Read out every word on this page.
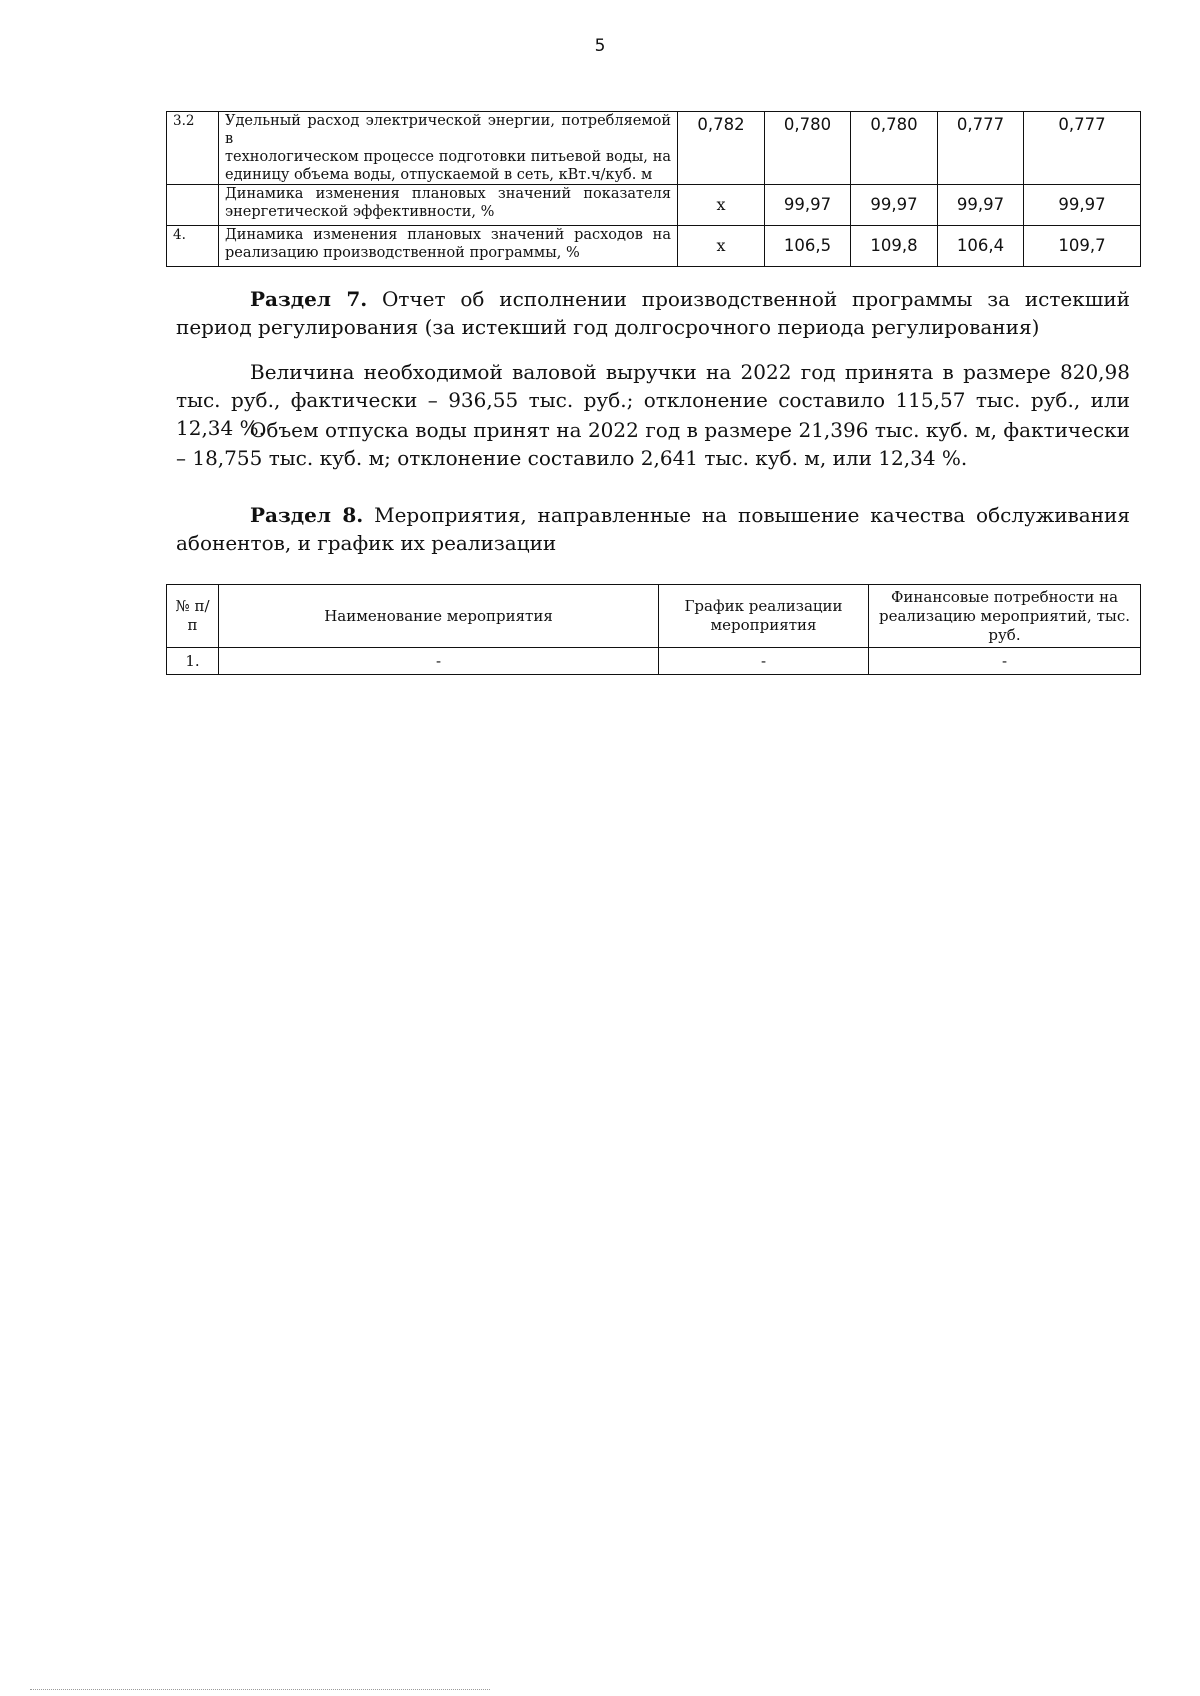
5
3.2	Удельный расход электрической энергии, потребляемой в
технологическом процессе подготовки питьевой воды, на
единицу объема воды, отпускаемой в сеть, кВт.ч/куб. м	0,782	0,780	0,780	0,777	0,777

	Динамика изменения плановых значений показателя
энергетической эффективности, %	х	99,97	99,97	99,97	99,97
4.	Динамика изменения плановых значений расходов на
реализацию производственной программы, %	х	106,5	109,8	106,4	109,7

Раздел 7. Отчет об исполнении производственной программы за истекший период регулирования (за истекший год долгосрочного периода регулирования)

Величина необходимой валовой выручки на 2022 год принята в размере 820,98 тыс. руб., фактически – 936,55 тыс. руб.; отклонение составило 115,57 тыс. руб., или 12,34 %.

Объем отпуска воды принят на 2022 год в размере 21,396 тыс. куб. м, фактически – 18,755 тыс. куб. м; отклонение составило 2,641 тыс. куб. м, или 12,34 %.

Раздел 8. Мероприятия, направленные на повышение качества обслуживания абонентов, и график их реализации

№ п/п	Наименование мероприятия	График реализации мероприятия	Финансовые потребности на реализацию мероприятий, тыс. руб.
1.	-	-	-
